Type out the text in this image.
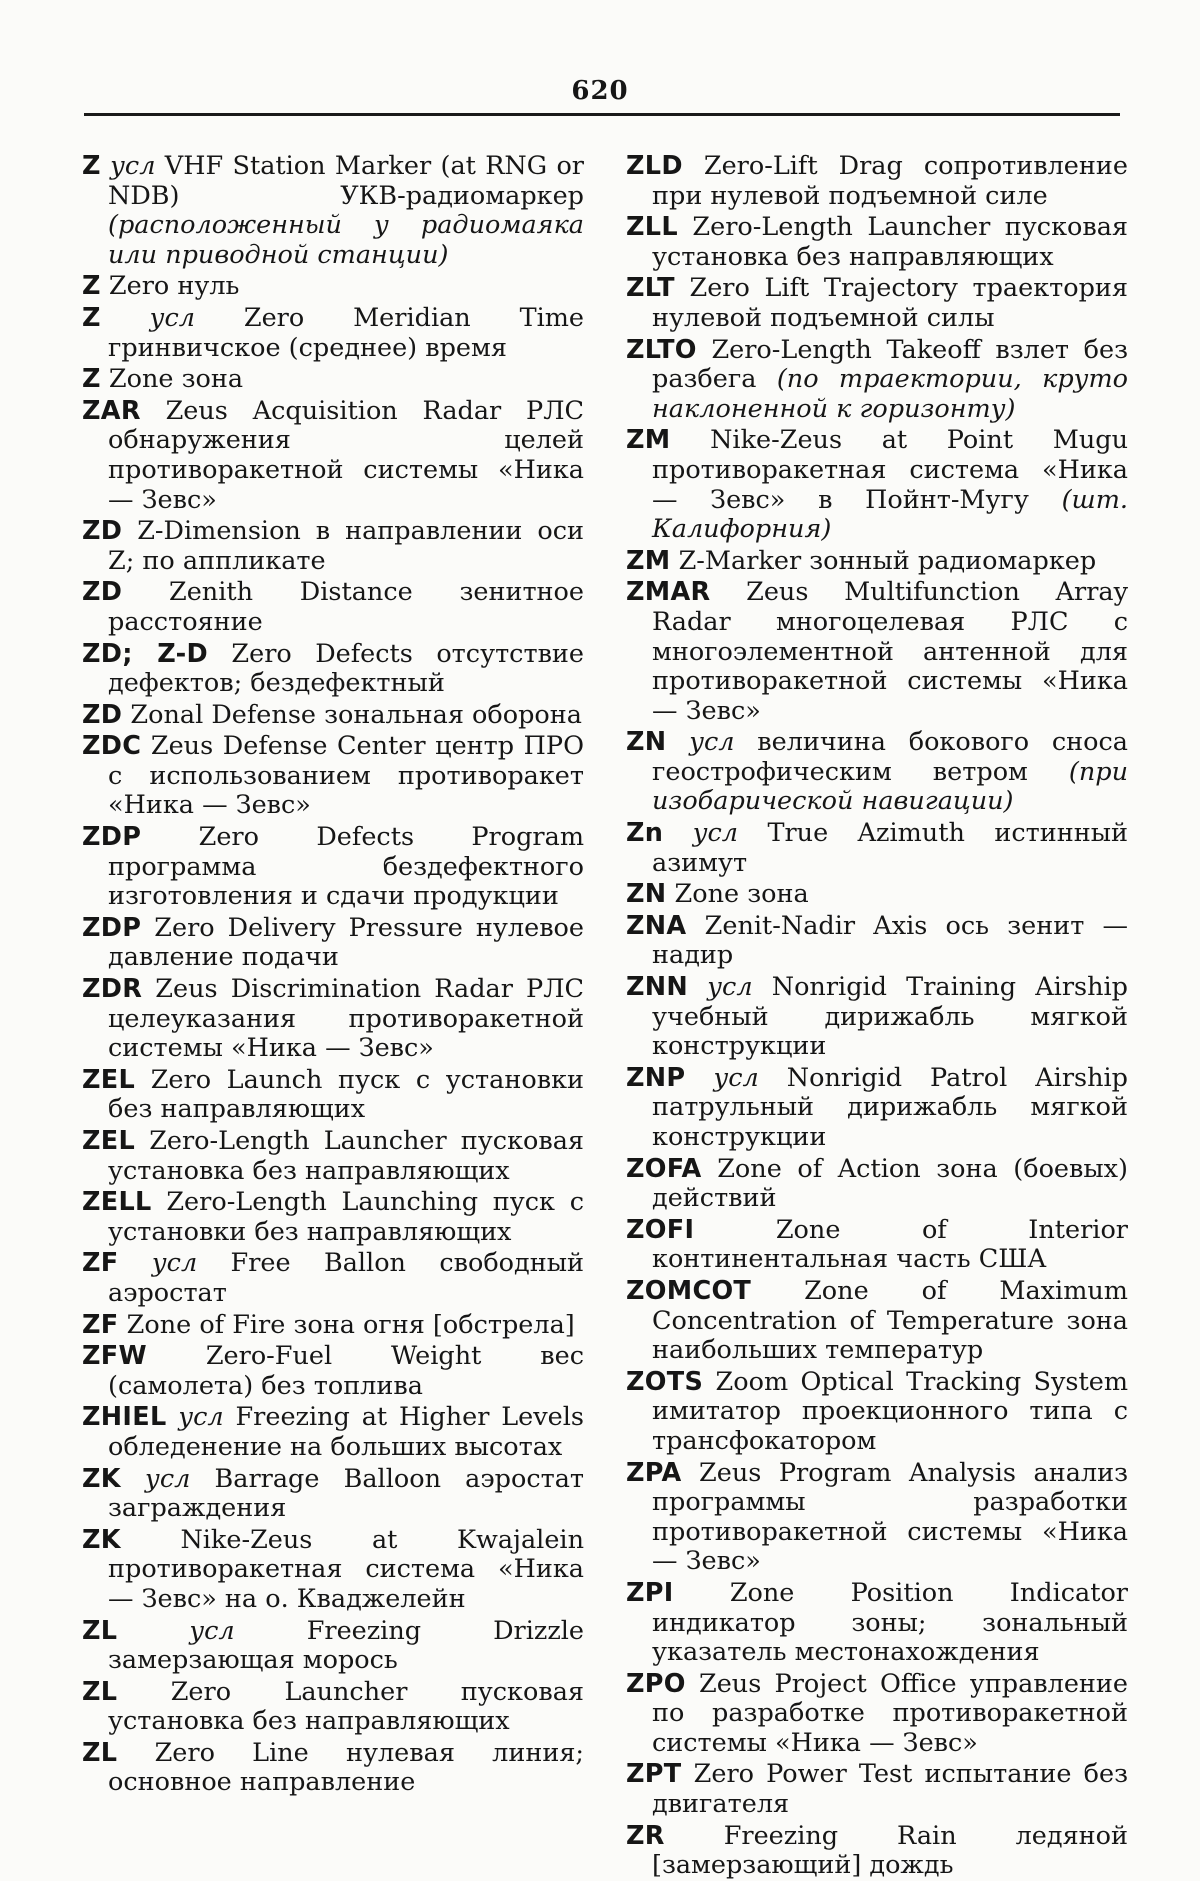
620

Z усл VHF Station Marker (at RNG or NDB) УКВ-радиомаркер (расположенный у радиомаяка или приводной станции)

Z Zero нуль

Z усл Zero Meridian Time гринвичское (среднее) время

Z Zone зона

ZAR Zeus Acquisition Radar РЛС обнаружения целей противоракетной системы «Ника — Зевс»

ZD Z-Dimension в направлении оси Z; по аппликате

ZD Zenith Distance зенитное расстояние

ZD; Z-D Zero Defects отсутствие дефектов; бездефектный

ZD Zonal Defense зональная оборона

ZDC Zeus Defense Center центр ПРО с использованием противоракет «Ника — Зевс»

ZDP Zero Defects Program программа бездефектного изготовления и сдачи продукции

ZDP Zero Delivery Pressure нулевое давление подачи

ZDR Zeus Discrimination Radar РЛС целеуказания противоракетной системы «Ника — Зевс»

ZEL Zero Launch пуск с установки без направляющих

ZEL Zero-Length Launcher пусковая установка без направляющих

ZELL Zero-Length Launching пуск с установки без направляющих

ZF усл Free Ballon свободный аэростат

ZF Zone of Fire зона огня [обстрела]

ZFW Zero-Fuel Weight вес (самолета) без топлива

ZHIEL усл Freezing at Higher Levels обледенение на больших высотах

ZK усл Barrage Balloon аэростат заграждения

ZK Nike-Zeus at Kwajalein противоракетная система «Ника — Зевс» на о. Кваджелейн

ZL	усл	Freezing Drizzle замерзающая морось

ZL Zero Launcher пусковая установка без направляющих

ZL Zero Line нулевая линия; основное направление

ZLD Zero-Lift Drag сопротивление при нулевой подъемной силе

ZLL Zero-Length Launcher пусковая установка без направляющих

ZLT Zero Lift Trajectory траектория нулевой подъемной силы

ZLTO Zero-Length Takeoff взлет без разбега (по траектории, круто наклоненной к горизонту)

ZM Nike-Zeus at Point Mugu противоракетная система «Ника — Зевс» в Пойнт-Мугу (шт. Калифорния)

ZM Z-Marker зонный радиомаркер

ZMAR Zeus Multifunction Array Radar многоцелевая РЛС с многоэлементной антенной для противоракетной системы «Ника — Зевс»

ZN усл величина бокового сноса геострофическим ветром (при изобарической навигации)

Zn усл True Azimuth истинный азимут

ZN Zone зона

ZNA Zenit-Nadir Axis ось зенит — надир

ZNN усл Nonrigid Training Airship учебный дирижабль мягкой конструкции

ZNP усл Nonrigid Patrol Airship патрульный дирижабль мягкой конструкции

ZOFA Zone of Action зона (боевых) действий

ZOFI	Zone of Interior континентальная часть США

ZOMCOT Zone of Maximum Concentration of Temperature зона наибольших температур

ZOTS Zoom Optical Tracking System имитатор проекционного типа с трансфокатором

ZPA Zeus Program Analysis анализ программы разработки противоракетной системы «Ника — Зевс»

ZPI Zone Position Indicator индикатор зоны; зональный указатель местонахождения

ZPO Zeus Project Office управление по разработке противоракетной системы «Ника — Зевс»

ZPT Zero Power Test испытание без двигателя

ZR Freezing Rain ледяной [замерзающий] дождь
